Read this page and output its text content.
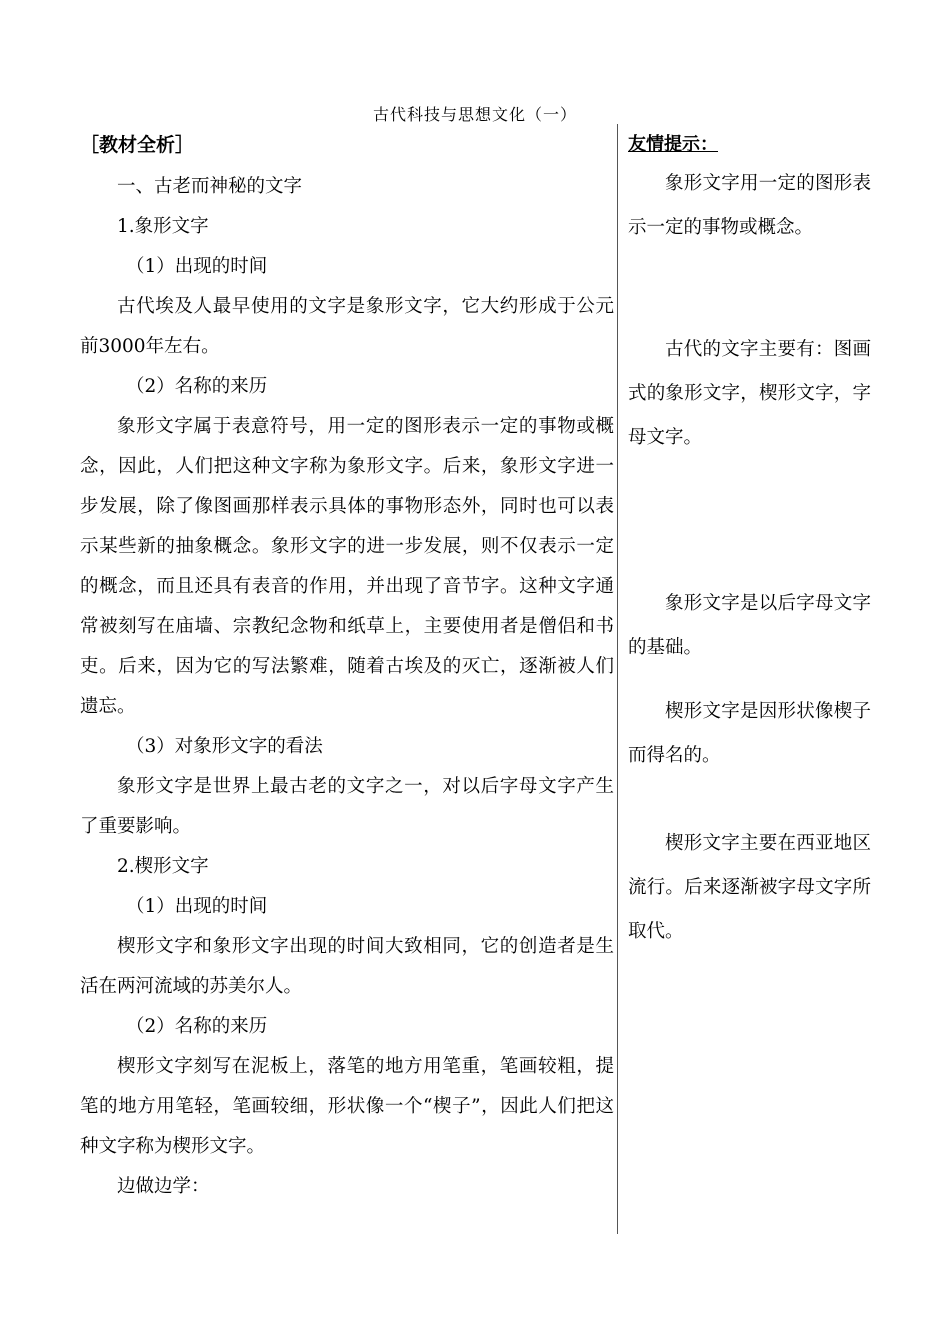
古代科技与思想文化（一）
［教材全析］

一、古老而神秘的文字

1.象形文字

（1）出现的时间

古代埃及人最早使用的文字是象形文字，它大约形成于公元前3000年左右。

（2）名称的来历

象形文字属于表意符号，用一定的图形表示一定的事物或概念，因此，人们把这种文字称为象形文字。后来，象形文字进一步发展，除了像图画那样表示具体的事物形态外，同时也可以表示某些新的抽象概念。象形文字的进一步发展，则不仅表示一定的概念，而且还具有表音的作用，并出现了音节字。这种文字通常被刻写在庙墙、宗教纪念物和纸草上，主要使用者是僧侣和书吏。后来，因为它的写法繁难，随着古埃及的灭亡，逐渐被人们遗忘。

（3）对象形文字的看法

象形文字是世界上最古老的文字之一，对以后字母文字产生了重要影响。

2.楔形文字

（1）出现的时间

楔形文字和象形文字出现的时间大致相同，它的创造者是生活在两河流域的苏美尔人。

（2）名称的来历

楔形文字刻写在泥板上，落笔的地方用笔重，笔画较粗，提笔的地方用笔轻，笔画较细，形状像一个“楔子”，因此人们把这种文字称为楔形文字。

边做边学：

友情提示：

象形文字用一定的图形表示一定的事物或概念。

古代的文字主要有：图画式的象形文字，楔形文字，字母文字。

象形文字是以后字母文字的基础。

楔形文字是因形状像楔子而得名的。

楔形文字主要在西亚地区流行。后来逐渐被字母文字所取代。
